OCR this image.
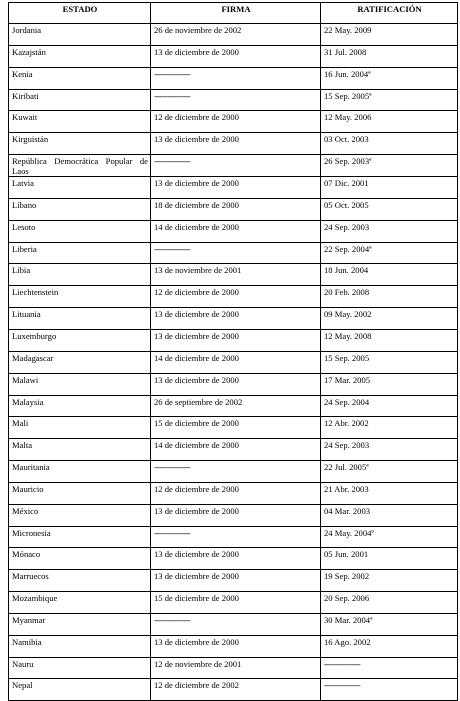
ESTADO	FIRMA	RATIFICACIÓN
Jordania	26 de noviembre de 2002	22 May. 2009
Kazajstán	13 de diciembre de 2000	31 Jul. 2008
Kenia	----------------	16 Jun. 2004ª
Kiribati	----------------	15 Sep. 2005ª
Kuwait	12 de diciembre de 2000	12 May. 2006
Kirguistán	13 de diciembre de 2000	03 Oct. 2003
República Democrática Popular de Laos	----------------	26 Sep. 2003ª
Latvia	13 de diciembre de 2000	07 Dic. 2001
Líbano	18 de diciembre de 2000	05 Oct. 2005
Lesoto	14 de diciembre de 2000	24 Sep. 2003
Liberia	----------------	22 Sep. 2004ª
Libia	13 de noviembre de 2001	18 Jun. 2004
Liechtenstein	12 de diciembre de 2000	20 Feb. 2008
Lituania	13 de diciembre de 2000	09 May. 2002
Luxemburgo	13 de diciembre de 2000	12 May. 2008
Madagascar	14 de diciembre de 2000	15 Sep. 2005
Malawi	13 de diciembre de 2000	17 Mar. 2005
Malaysia	26 de septiembre de 2002	24 Sep. 2004
Mali	15 de diciembre de 2000	12 Abr. 2002
Malta	14 de diciembre de 2000	24 Sep. 2003
Mauritania	----------------	22 Jul. 2005ª
Mauricio	12 de diciembre de 2000	21 Abr. 2003
México	13 de diciembre de 2000	04 Mar. 2003
Micronesia	----------------	24 May. 2004ª
Mónaco	13 de diciembre de 2000	05 Jun. 2001
Marruecos	13 de diciembre de 2000	19 Sep. 2002
Mozambique	15 de diciembre de 2000	20 Sep. 2006
Myanmar	----------------	30 Mar. 2004ª
Namibia	13 de diciembre de 2000	16 Ago. 2002
Nauru	12 de noviembre de 2001	----------------
Nepal	12 de diciembre de 2002	----------------
